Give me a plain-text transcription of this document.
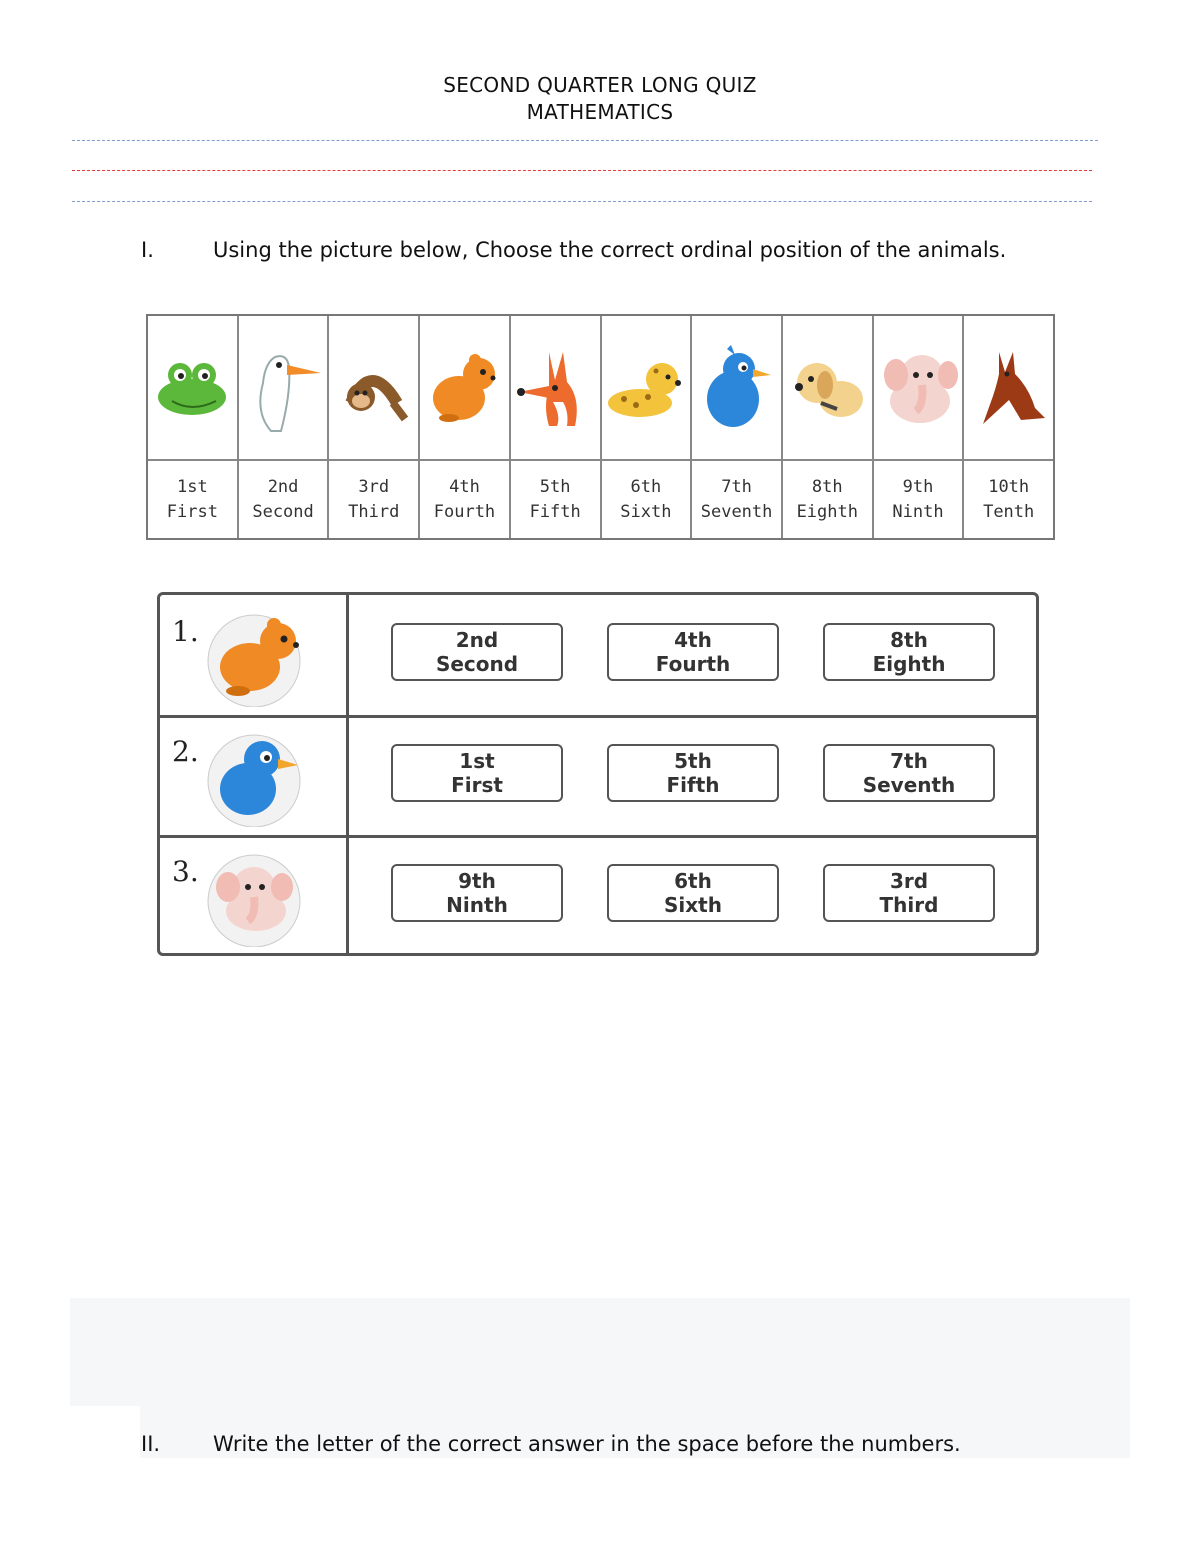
SECOND QUARTER LONG QUIZ
MATHEMATICS
I.	Using the picture below, Choose the correct ordinal position of the animals.
1st
First
2nd
Second
3rd
Third
4th
Fourth
5th
Fifth
6th
Sixth
7th
Seventh
8th
Eighth
9th
Ninth
10th
Tenth
1.	2nd
Second
4th
Fourth
8th
Eighth
2.	1st
First
5th
Fifth
7th
Seventh
3.	9th
Ninth
6th
Sixth
3rd
Third
II.	Write the letter of the correct answer in the space before the numbers.
